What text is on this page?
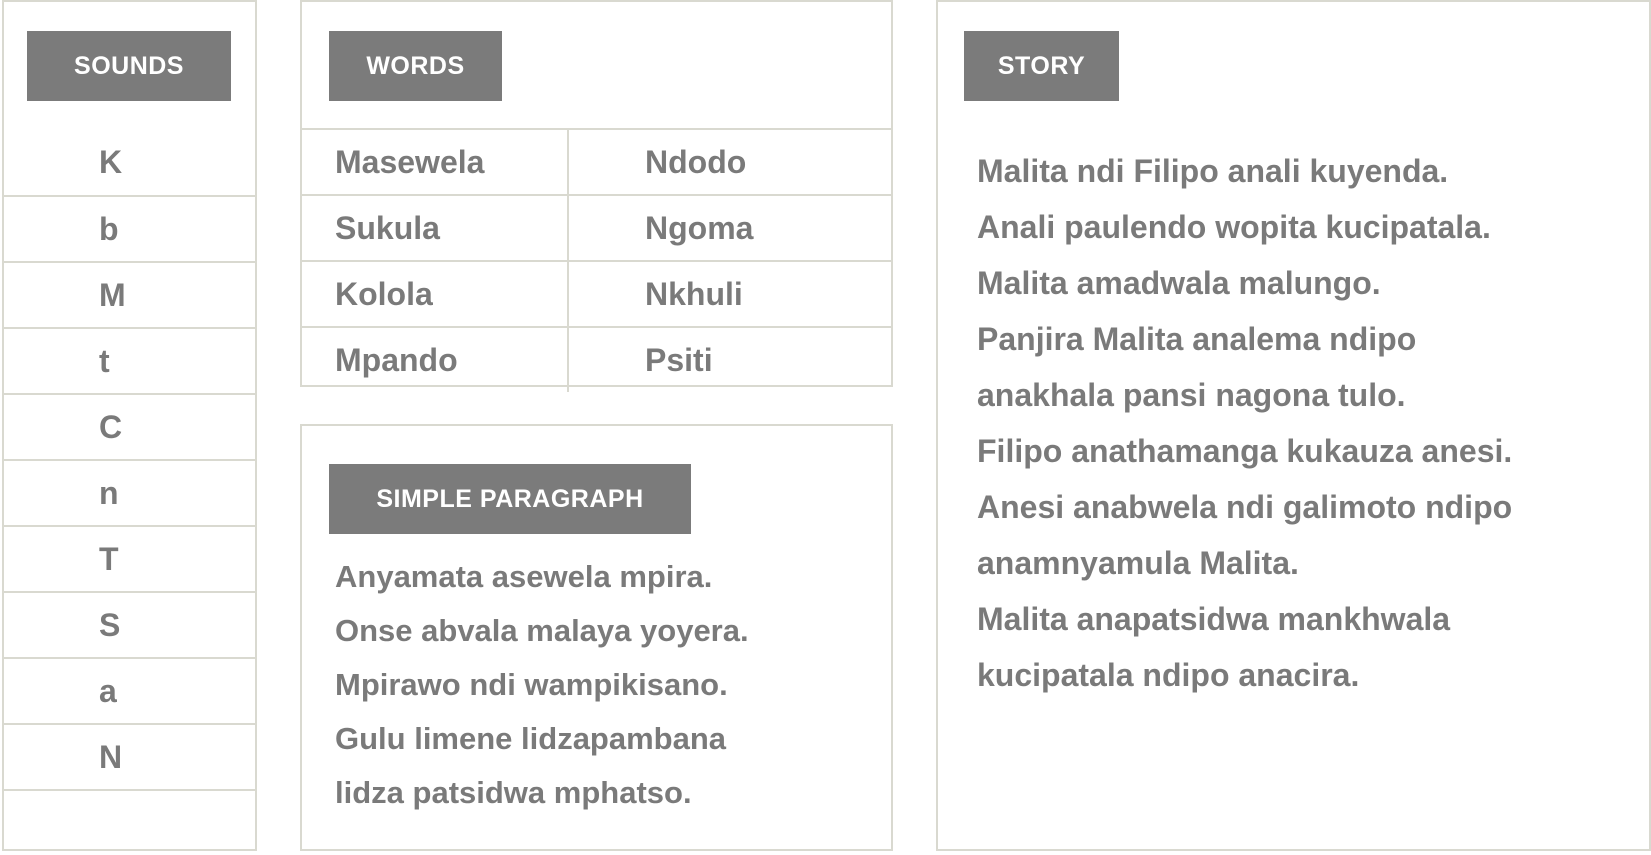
SOUNDS
K
b
M
t
C
n
T
S
a
N
WORDS
Masewela	Ndodo
Sukula	Ngoma
Kolola	Nkhuli
Mpando	Psiti
SIMPLE PARAGRAPH
Anyamata asewela mpira.
Onse abvala malaya yoyera.
Mpirawo ndi wampikisano.
Gulu limene lidzapambana
lidza patsidwa mphatso.
STORY
Malita ndi Filipo anali kuyenda.
Anali paulendo wopita kucipatala.
Malita amadwala malungo.
Panjira Malita analema ndipo
anakhala pansi nagona tulo.
Filipo anathamanga kukauza anesi.
Anesi anabwela ndi galimoto ndipo
anamnyamula Malita.
Malita anapatsidwa mankhwala
kucipatala ndipo anacira.
